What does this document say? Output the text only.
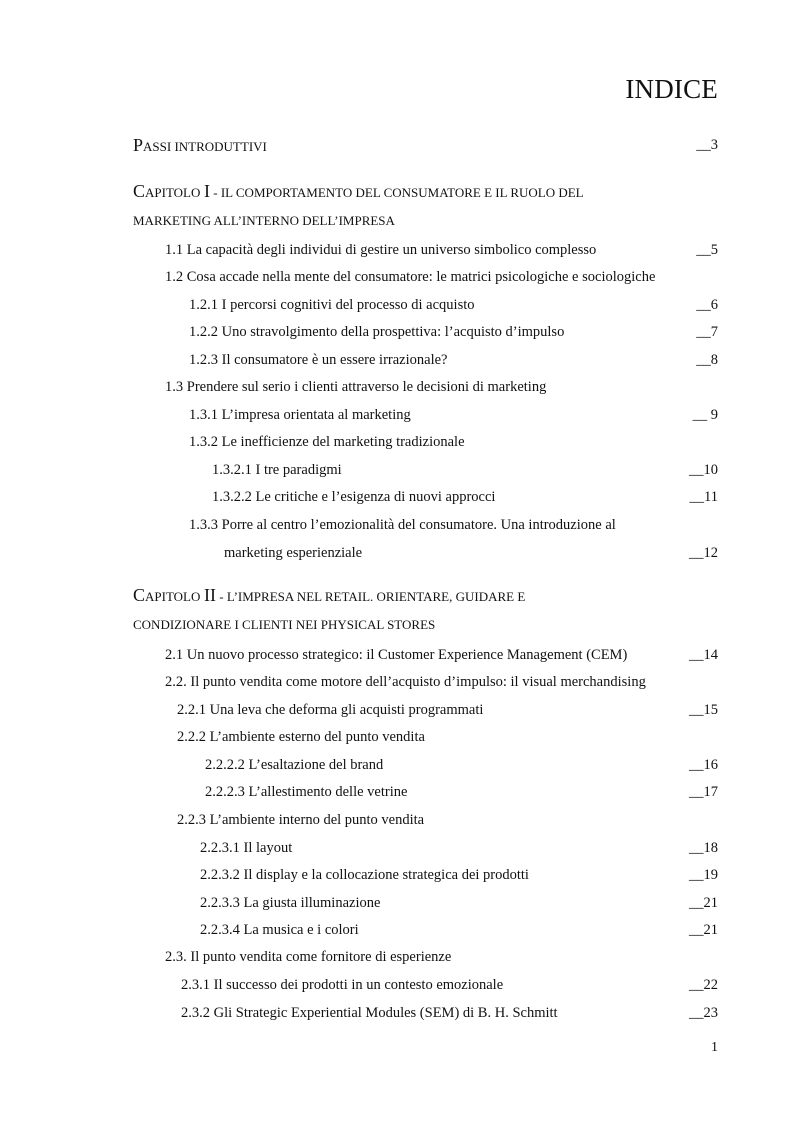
INDICE
PASSI INTRODUTTIVI	__3
CAPITOLO I - IL COMPORTAMENTO DEL CONSUMATORE E IL RUOLO DEL
MARKETING ALL’INTERNO DELL’IMPRESA
1.1 La capacità degli individui di gestire un universo simbolico complesso	__5
1.2 Cosa accade nella mente del consumatore: le matrici psicologiche e sociologiche
1.2.1 I percorsi cognitivi del processo di acquisto	__6
1.2.2 Uno stravolgimento della prospettiva: l’acquisto d’impulso	__7
1.2.3 Il consumatore è un essere irrazionale?	__8
1.3 Prendere sul serio i clienti attraverso le decisioni di marketing
1.3.1 L’impresa orientata al marketing	__ 9
1.3.2 Le inefficienze del marketing tradizionale
1.3.2.1 I tre paradigmi	__10
1.3.2.2 Le critiche e l’esigenza di nuovi approcci	__11
1.3.3 Porre al centro l’emozionalità del consumatore. Una introduzione al
marketing esperienziale	__12
CAPITOLO II - L’IMPRESA NEL RETAIL. ORIENTARE, GUIDARE E
CONDIZIONARE I CLIENTI NEI PHYSICAL STORES
2.1 Un nuovo processo strategico: il Customer Experience Management (CEM)	__14
2.2. Il punto vendita come motore dell’acquisto d’impulso: il visual merchandising
2.2.1 Una leva che deforma gli acquisti programmati	__15
2.2.2 L’ambiente esterno del punto vendita
2.2.2.2 L’esaltazione del brand	__16
2.2.2.3 L’allestimento delle vetrine	__17
2.2.3 L’ambiente interno del punto vendita
2.2.3.1 Il layout	__18
2.2.3.2 Il display e la collocazione strategica dei prodotti	__19
2.2.3.3 La giusta illuminazione	__21
2.2.3.4 La musica e i colori	__21
2.3. Il punto vendita come fornitore di esperienze
2.3.1 Il successo dei prodotti in un contesto emozionale	__22
2.3.2 Gli Strategic Experiential Modules (SEM) di B. H. Schmitt	__23
1
